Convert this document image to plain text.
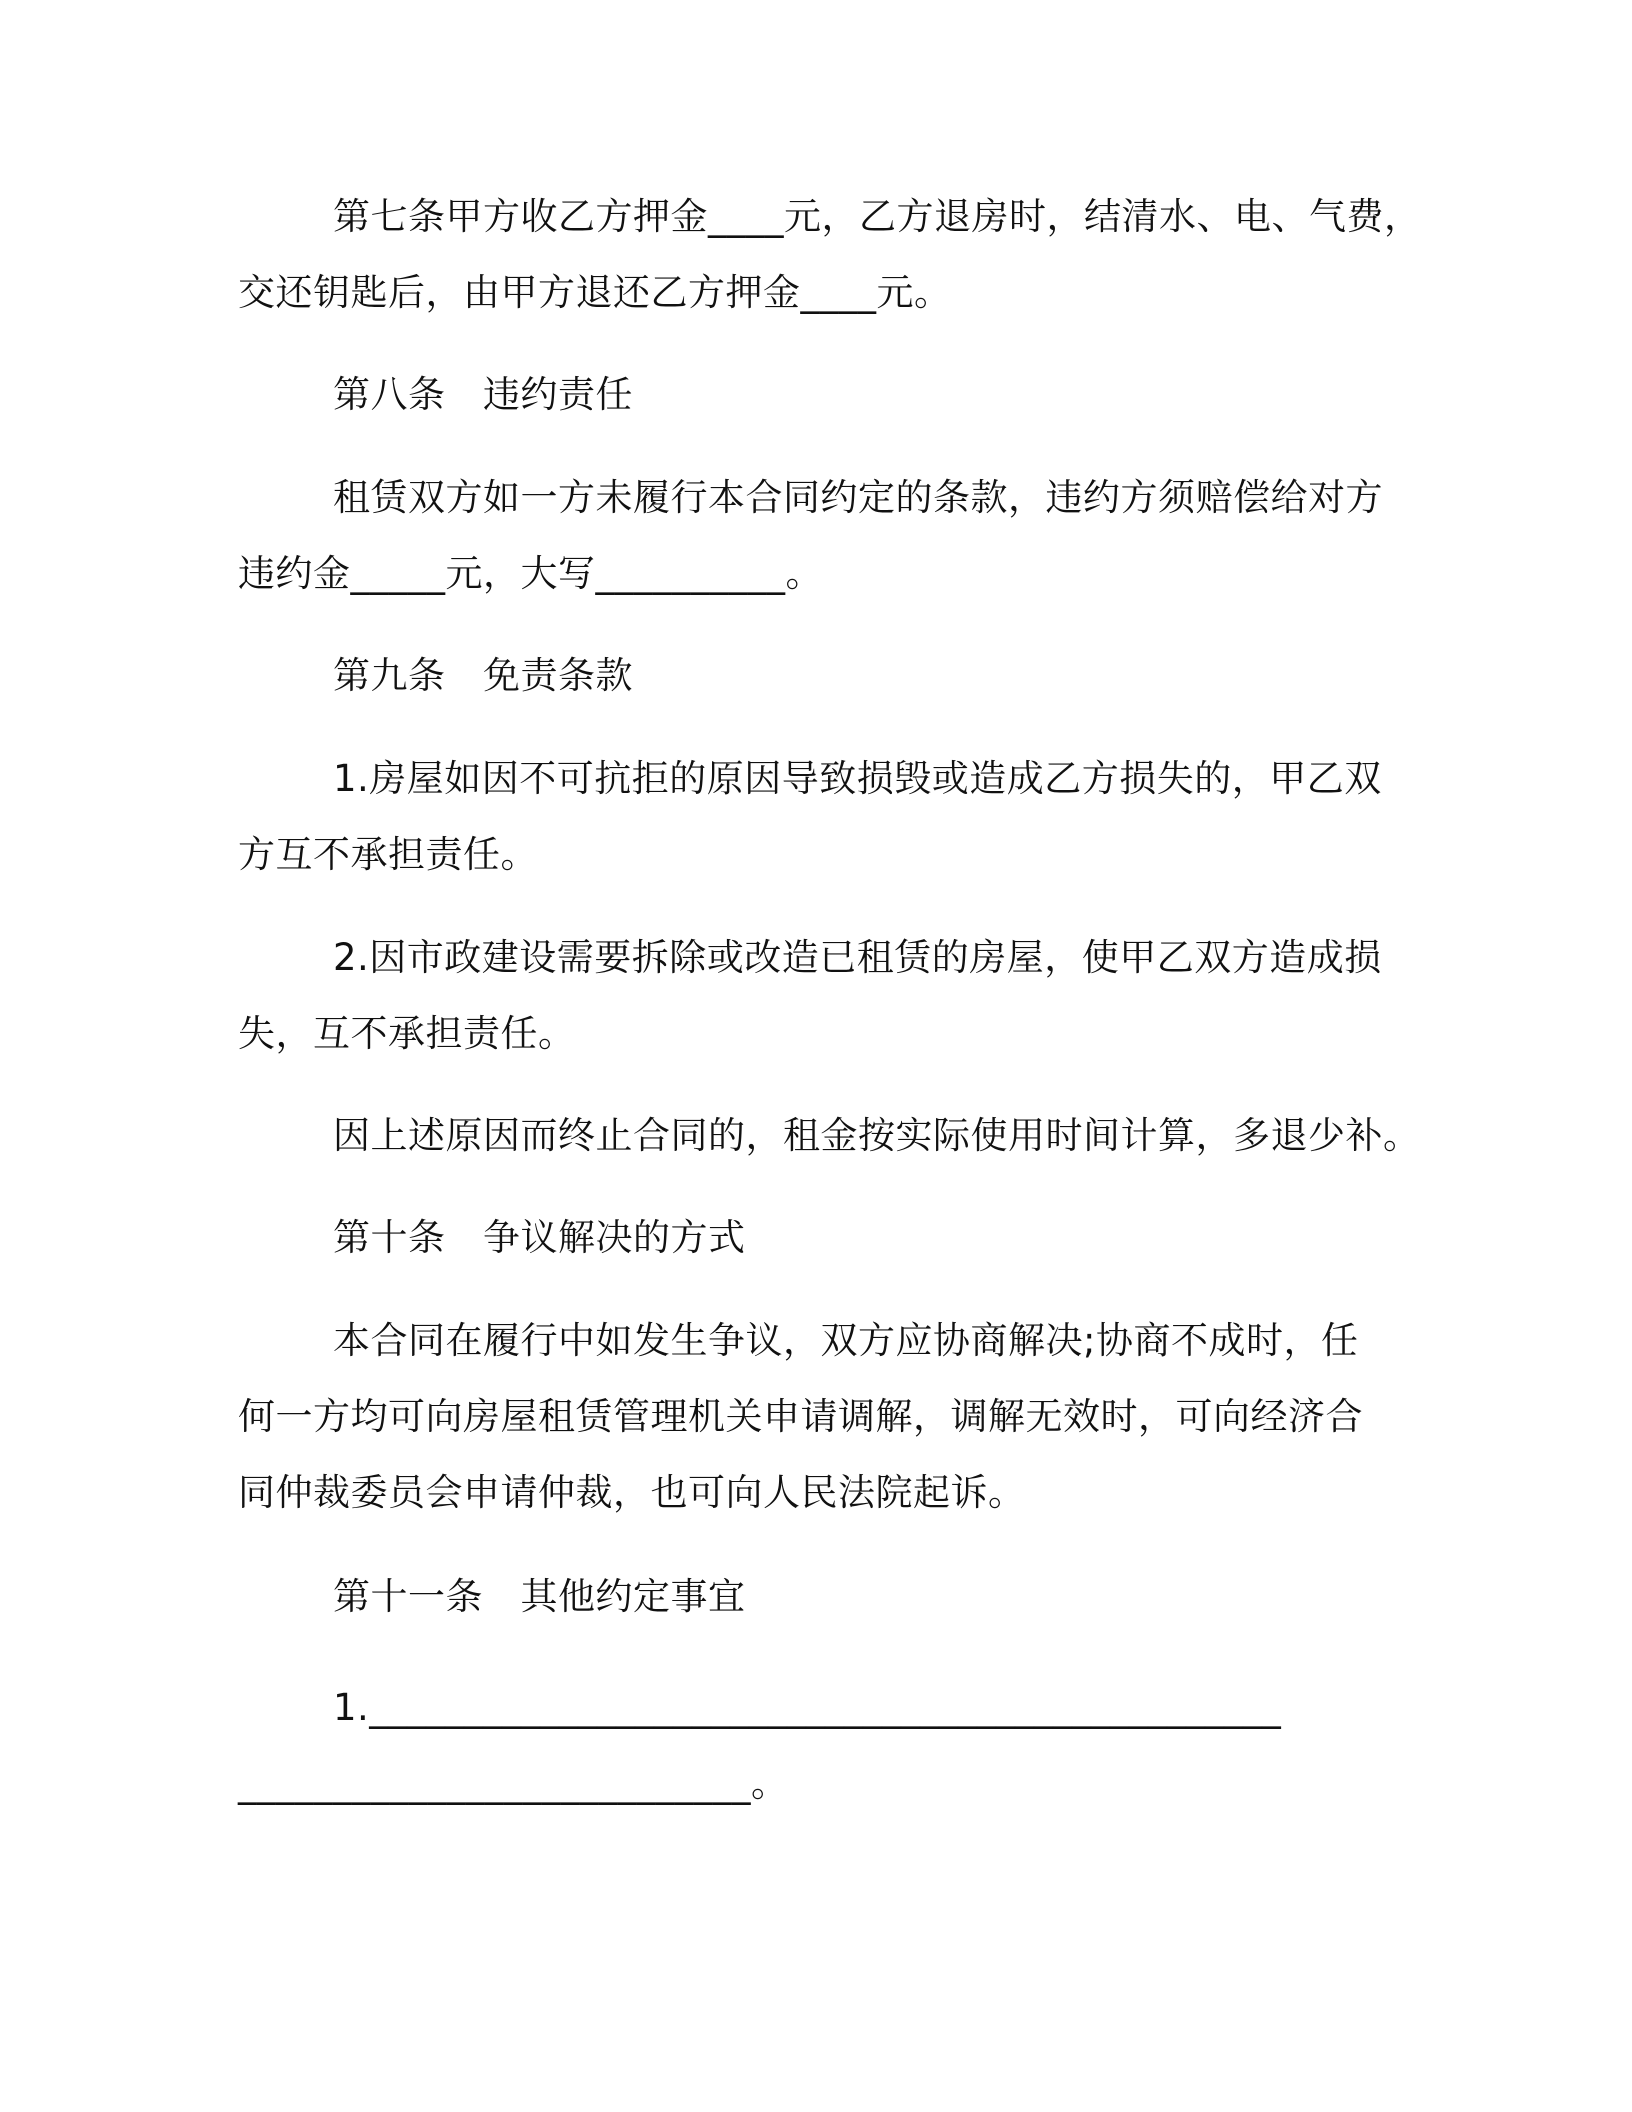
第七条甲方收乙方押金____元，乙方退房时，结清水、电、气费，
交还钥匙后，由甲方退还乙方押金____元。
第八条　违约责任
租赁双方如一方未履行本合同约定的条款，违约方须赔偿给对方
违约金_____元，大写__________。
第九条　免责条款
1.房屋如因不可抗拒的原因导致损毁或造成乙方损失的，甲乙双
方互不承担责任。
2.因市政建设需要拆除或改造已租赁的房屋，使甲乙双方造成损
失，互不承担责任。
因上述原因而终止合同的，租金按实际使用时间计算，多退少补。
第十条　争议解决的方式
本合同在履行中如发生争议，双方应协商解决;协商不成时，任
何一方均可向房屋租赁管理机关申请调解，调解无效时，可向经济合
同仲裁委员会申请仲裁，也可向人民法院起诉。
第十一条　其他约定事宜
1.________________________________________________
___________________________。
